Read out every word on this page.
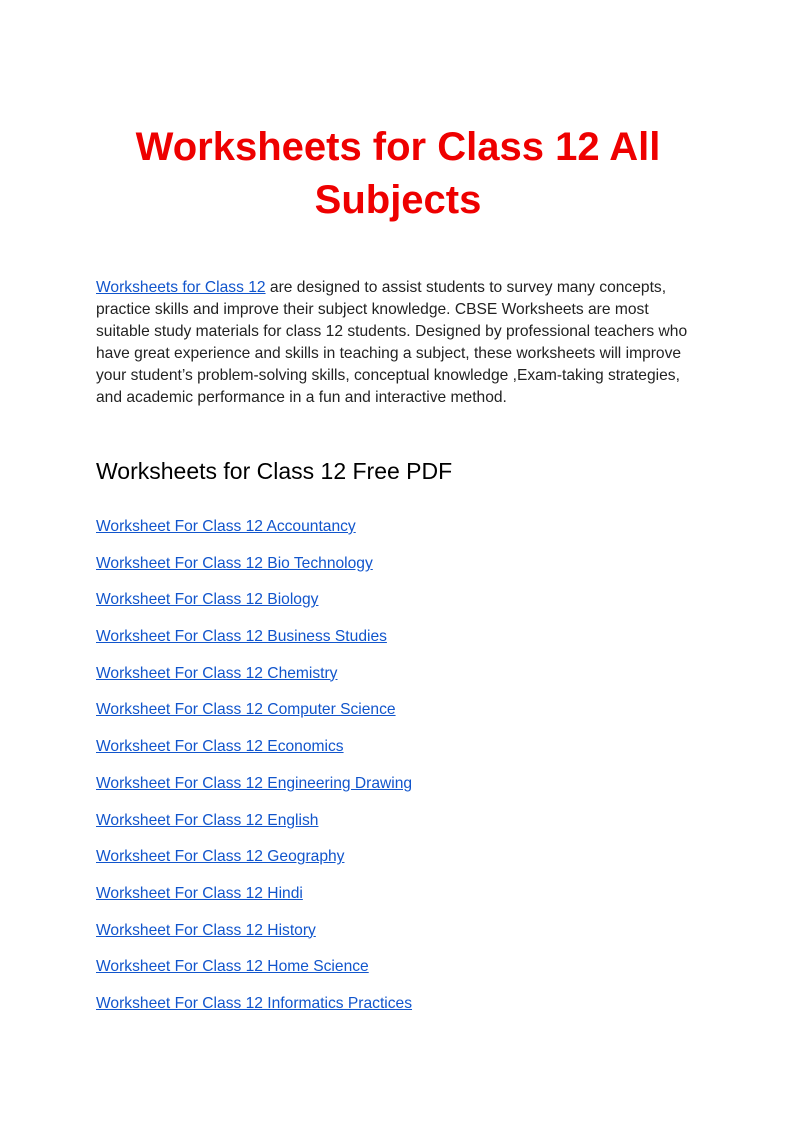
Worksheets for Class 12 All Subjects

Worksheets for Class 12 are designed to assist students to survey many concepts, practice skills and improve their subject knowledge. CBSE Worksheets are most suitable study materials for class 12 students. Designed by professional teachers who have great experience and skills in teaching a subject, these worksheets will improve your student’s problem-solving skills, conceptual knowledge ,Exam-taking strategies, and academic performance in a fun and interactive method.

Worksheets for Class 12 Free PDF
Worksheet For Class 12 Accountancy
Worksheet For Class 12 Bio Technology
Worksheet For Class 12 Biology
Worksheet For Class 12 Business Studies
Worksheet For Class 12 Chemistry
Worksheet For Class 12 Computer Science
Worksheet For Class 12 Economics
Worksheet For Class 12 Engineering Drawing
Worksheet For Class 12 English
Worksheet For Class 12 Geography
Worksheet For Class 12 Hindi
Worksheet For Class 12 History
Worksheet For Class 12 Home Science
Worksheet For Class 12 Informatics Practices
